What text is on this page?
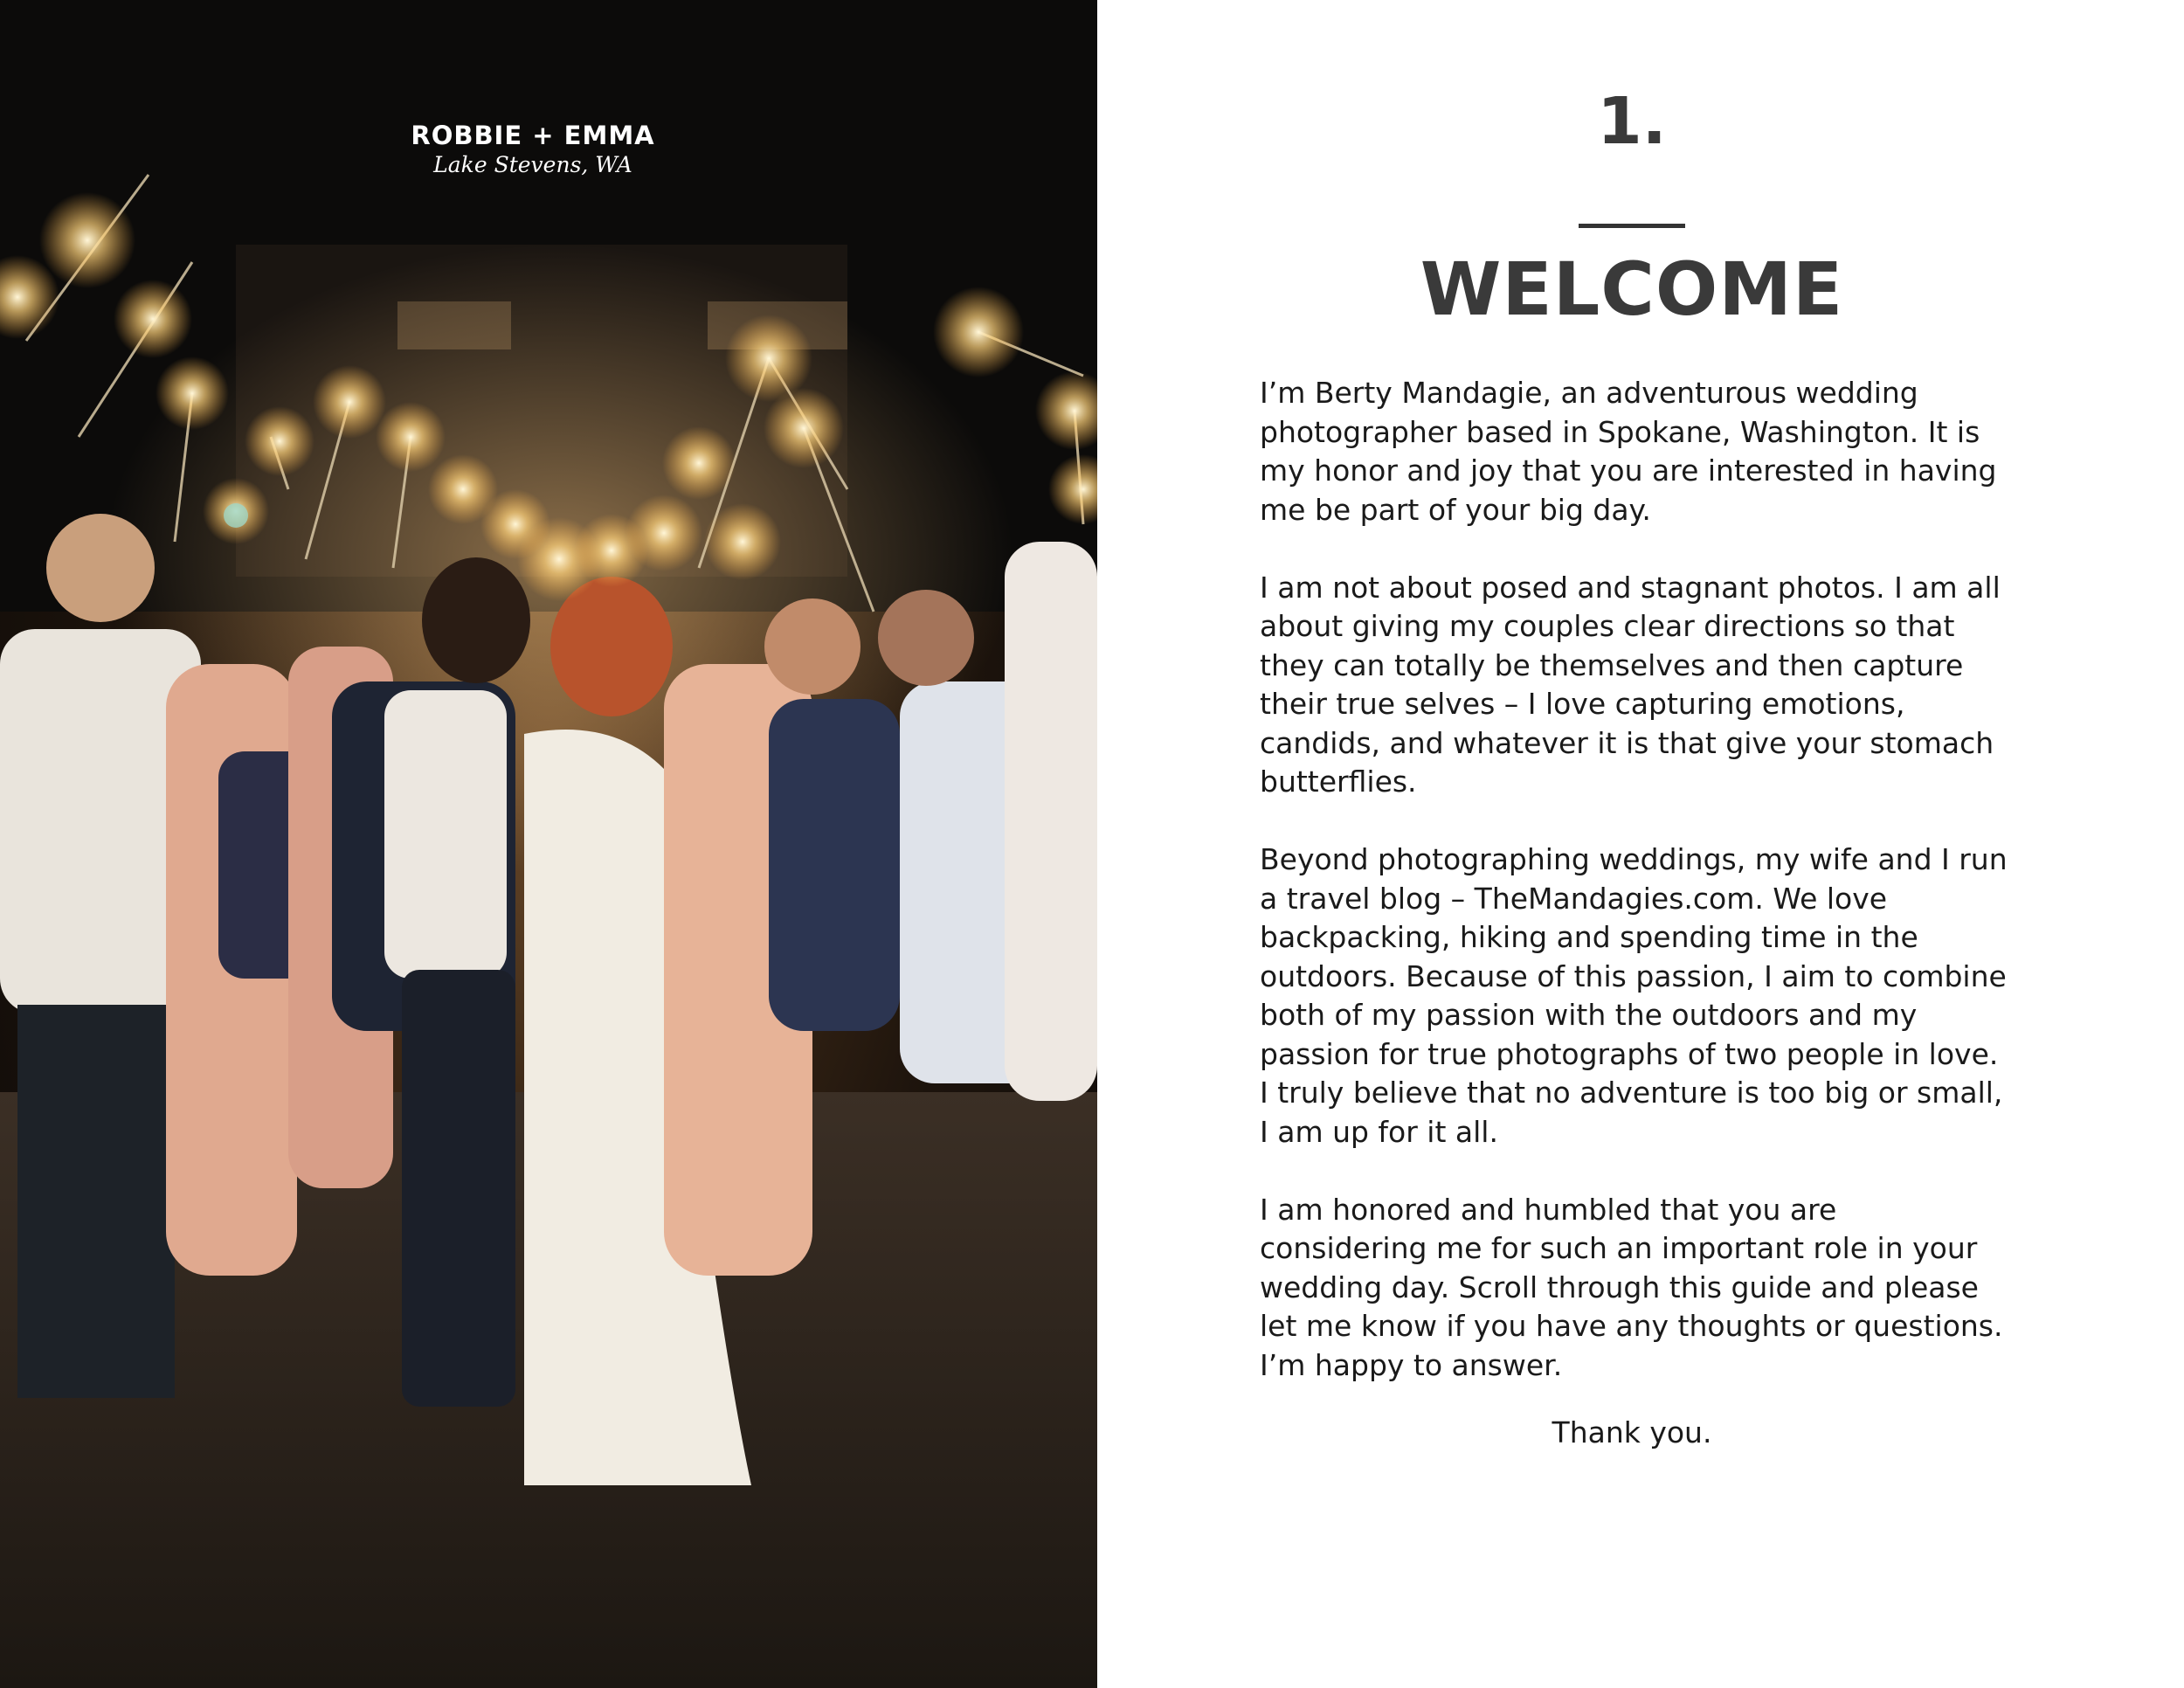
ROBBIE + EMMA
Lake Stevens, WA
1.
WELCOME

I’m Berty Mandagie, an adventurous wedding photographer based in Spokane, Washington. It is my honor and joy that you are interested in having me be part of your big day.

I am not about posed and stagnant photos. I am all about giving my couples clear directions so that they can totally be themselves and then capture their true selves – I love capturing emotions, candids, and whatever it is that give your stomach butterflies.

Beyond photographing weddings, my wife and I run a travel blog – TheMandagies.com. We love backpacking, hiking and spending time in the outdoors. Because of this passion, I aim to combine both of my passion with the outdoors and my passion for true photographs of two people in love. I truly believe that no adventure is too big or small, I am up for it all.

I am honored and humbled that you are considering me for such an important role in your wedding day. Scroll through this guide and please let me know if you have any thoughts or questions. I’m happy to answer.

Thank you.
